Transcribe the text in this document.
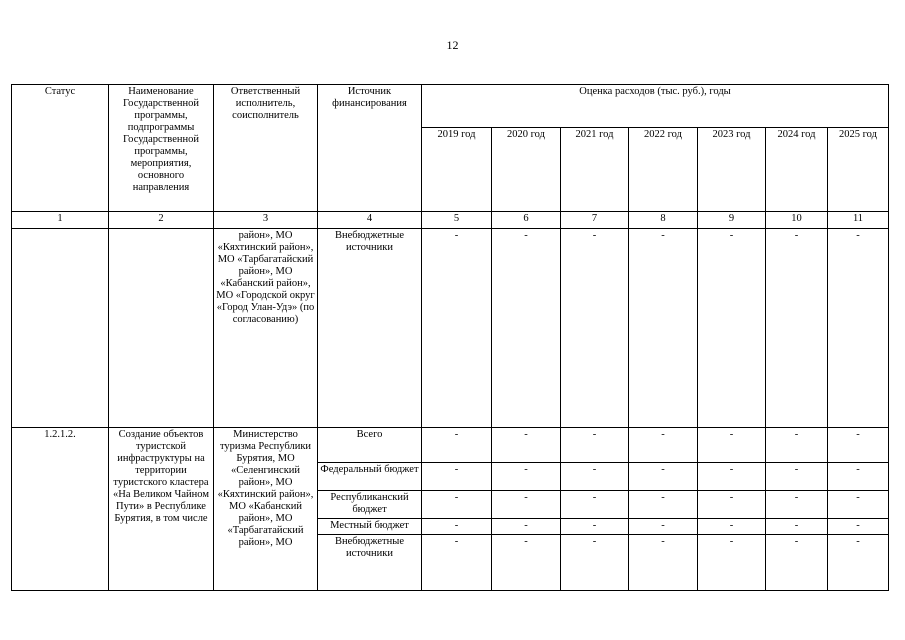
12
Статус	Наименование Государственной программы, подпрограммы Государственной программы, мероприятия, основного направления	Ответственный исполнитель, соисполнитель	Источник финансирования	Оценка расходов (тыс. руб.), годы						
				2019 год	2020 год	2021 год	2022 год	2023 год	2024 год	2025 год
1	2	3	4	5	6	7	8	9	10	11
		район», МО «Кяхтинский район», МО «Тарбагатайский район», МО «Кабанский район», МО «Городской округ «Город Улан-Удэ» (по согласованию)	Внебюджетные источники	-	-	-	-	-	-	-
1.2.1.2.	Создание объектов туристской инфраструктуры на территории туристского кластера «На Великом Чайном Пути» в Республике Бурятия, в том числе	Министерство туризма Республики Бурятия, МО «Селенгинский район», МО «Кяхтинский район», МО «Кабанский район», МО «Тарбагатайский район», МО	Всего	-	-	-	-	-	-	-
			Федеральный бюджет	-	-	-	-	-	-	-
			Республиканский бюджет	-	-	-	-	-	-	-
			Местный бюджет	-	-	-	-	-	-	-
			Внебюджетные источники	-	-	-	-	-	-	-
